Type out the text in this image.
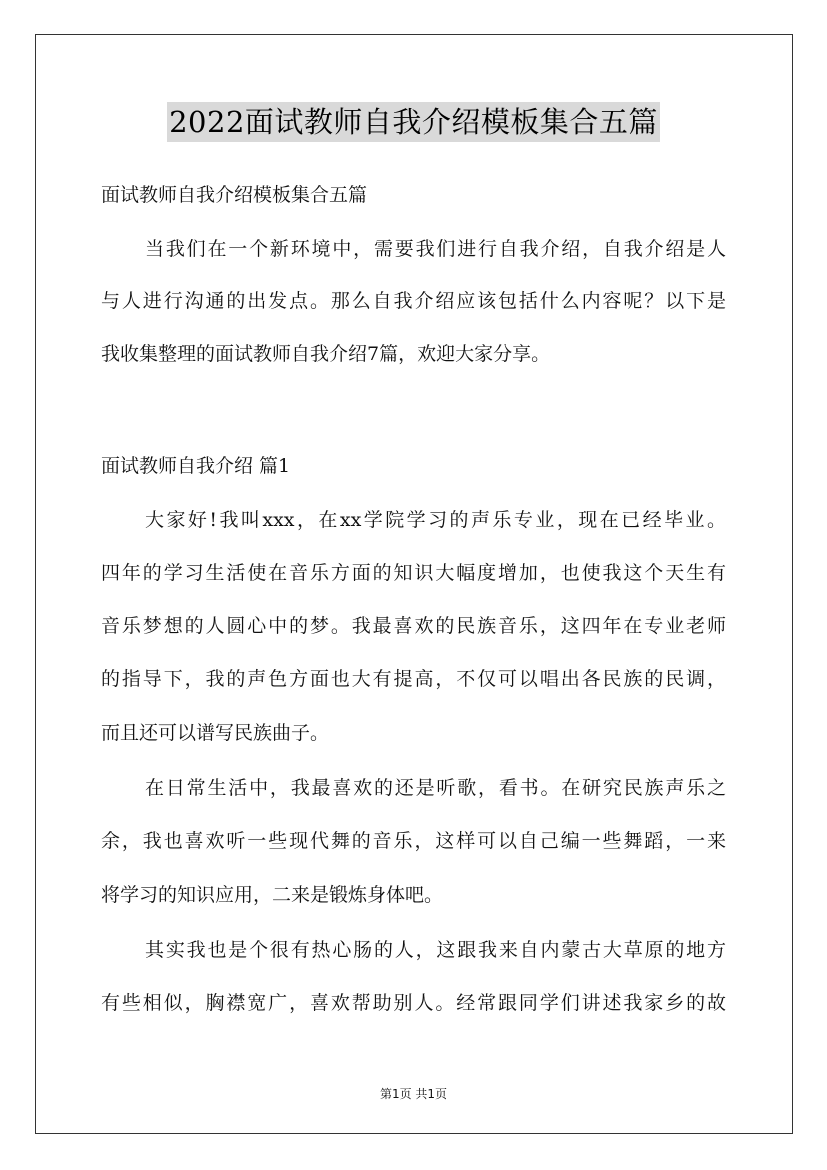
2022面试教师自我介绍模板集合五篇
面试教师自我介绍模板集合五篇
当我们在一个新环境中，需要我们进行自我介绍，自我介绍是人
与人进行沟通的出发点。那么自我介绍应该包括什么内容呢？以下是
我收集整理的面试教师自我介绍7篇，欢迎大家分享。
面试教师自我介绍 篇1
大家好!我叫xxx，在xx学院学习的声乐专业，现在已经毕业。
四年的学习生活使在音乐方面的知识大幅度增加，也使我这个天生有
音乐梦想的人圆心中的梦。我最喜欢的民族音乐，这四年在专业老师
的指导下，我的声色方面也大有提高，不仅可以唱出各民族的民调，
而且还可以谱写民族曲子。
在日常生活中，我最喜欢的还是听歌，看书。在研究民族声乐之
余，我也喜欢听一些现代舞的音乐，这样可以自己编一些舞蹈，一来
将学习的知识应用，二来是锻炼身体吧。
其实我也是个很有热心肠的人，这跟我来自内蒙古大草原的地方
有些相似，胸襟宽广，喜欢帮助别人。经常跟同学们讲述我家乡的故
第1页 共1页
